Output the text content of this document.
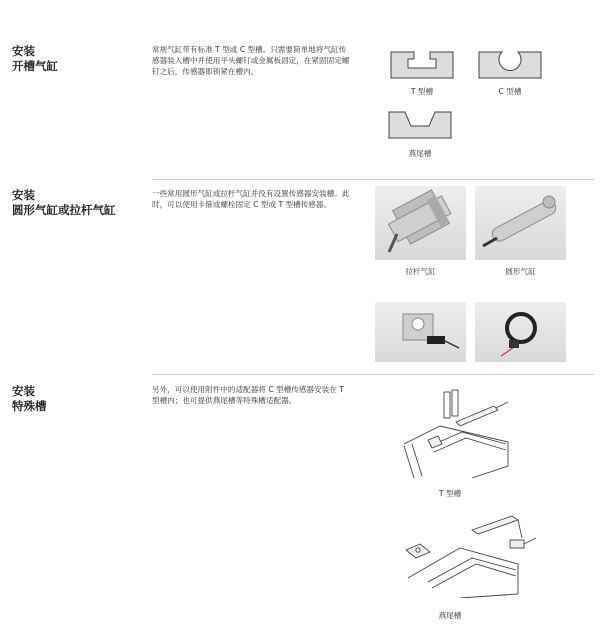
安装
开槽气缸
常规气缸带有标准 T 型或 C 型槽。只需要简单地将气缸传感器装入槽中并使用平头螺钉或金属板固定，在紧固固定螺钉之后，传感器即锁紧在槽内。
T 型槽	C 型槽
燕尾槽
安装
圆形气缸或拉杆气缸
一些常用圆形气缸或拉杆气缸并没有设置传感器安装槽。此时，可以使用卡箍或螺栓固定 C 型或 T 型槽传感器。
拉杆气缸	圆形气缸
安装
特殊槽
另外，可以使用附件中的适配器将 C 型槽传感器安装在 T 型槽内；也可提供燕尾槽等特殊槽适配器。
T 型槽
燕尾槽
